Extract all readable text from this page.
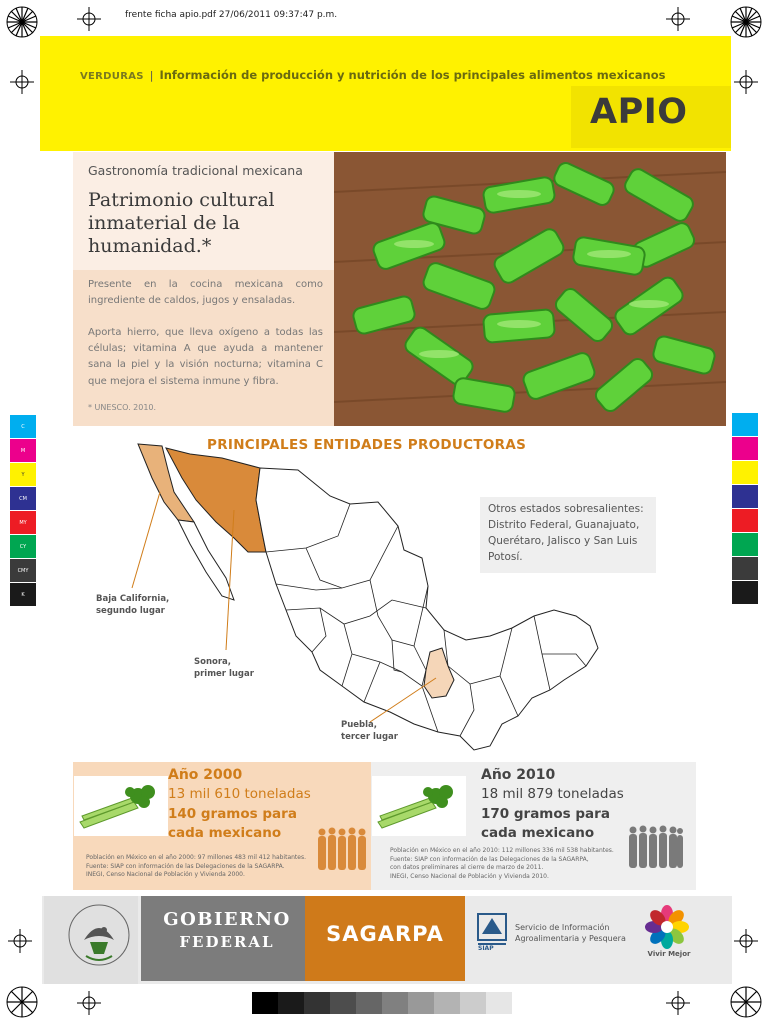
frente ficha apio.pdf 27/06/2011 09:37:47 p.m.
C
M
Y
CM
MY
CY
CMY
K
VERDURAS | Información de producción y nutrición de los principales alimentos mexicanos
APIO
Gastronomía tradicional mexicana
Patrimonio cultural inmaterial de la humanidad.*
Presente en la cocina mexicana como ingrediente de caldos, jugos y ensaladas.
Aporta hierro, que lleva oxígeno a todas las células; vitamina A que ayuda a mantener sana la piel y la visión nocturna; vitamina C que mejora el sistema inmune y fibra.
* UNESCO. 2010.
PRINCIPALES ENTIDADES PRODUCTORAS
Otros estados sobresalientes: Distrito Federal, Guanajuato, Querétaro, Jalisco y San Luis Potosí.
Baja California,
segundo lugar
Sonora,
primer lugar
Puebla,
tercer lugar
Año 2000
13 mil 610 toneladas
140 gramos para
cada mexicano
Población en México en el año 2000: 97 millones 483 mil 412 habitantes.
Fuente: SIAP con información de las Delegaciones de la SAGARPA.
INEGI, Censo Nacional de Población y Vivienda 2000.
Año 2010
18 mil 879 toneladas
170 gramos para
cada mexicano
Población en México en el año 2010: 112 millones 336 mil 538 habitantes.
Fuente: SIAP con información de las Delegaciones de la SAGARPA,
con datos preliminares al cierre de marzo de 2011.
INEGI, Censo Nacional de Población y Vivienda 2010.
GOBIERNO
FEDERAL	SAGARPA
SIAP
Servicio de Información
Agroalimentaria y Pesquera
Vivir Mejor
